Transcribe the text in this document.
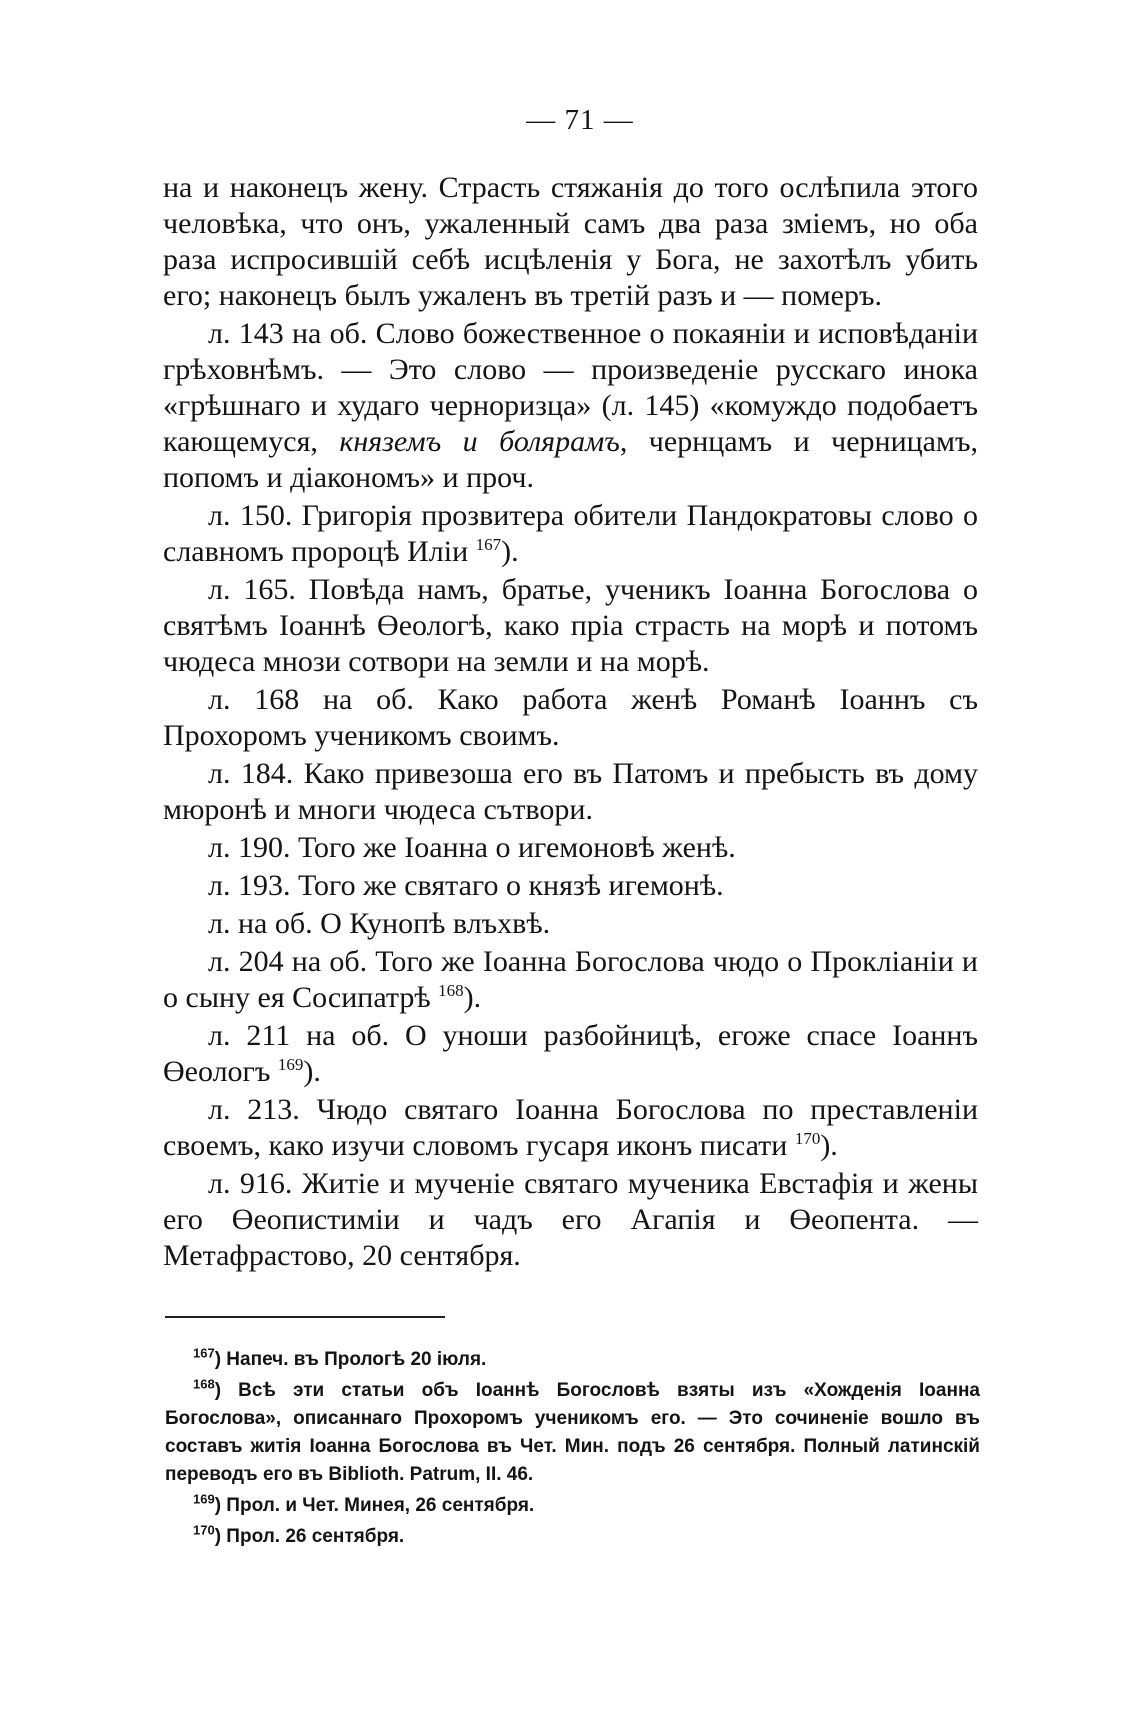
— 71 —

на и наконецъ жену. Страсть стяжанія до того ослѣпила этого человѣка, что онъ, ужаленный самъ два раза зміемъ, но оба раза испросившій себѣ исцѣленія у Бога, не захотѣлъ убить его; наконецъ былъ ужаленъ въ третій разъ и — померъ.

л. 143 на об. Слово божественное о покаяніи и исповѣданіи грѣховнѣмъ. — Это слово — произведеніе русскаго инока «грѣшнаго и худаго черноризца» (л. 145) «комуждо подобаетъ кающемуся, княземъ и болярамъ, чернцамъ и черницамъ, попомъ и діакономъ» и проч.

л. 150. Григорія прозвитера обители Пандократовы слово о славномъ пророцѣ Иліи $^{167}$).

л. 165. Повѣда намъ, братье, ученикъ Іоанна Богослова о святѣмъ Іоаннѣ Өеологѣ, како пріа страсть на морѣ и потомъ чюдеса мнози сотвори на земли и на морѣ.

л. 168 на об. Како работа женѣ Романѣ Іоаннъ съ Прохоромъ ученикомъ своимъ.

л. 184. Како привезоша его въ Патомъ и пребысть въ дому мюронѣ и многи чюдеса сътвори.

л. 190. Того же Іоанна о игемоновѣ женѣ.

л. 193. Того же святаго о князѣ игемонѣ.

л. на об. О Кунопѣ влъхвѣ.

л. 204 на об. Того же Іоанна Богослова чюдо о Прокліаніи и о сыну ея Сосипатрѣ $^{168}$).

л. 211 на об. О уноши разбойницѣ, егоже спасе Іоаннъ Өеологъ $^{169}$).

л. 213. Чюдо святаго Іоанна Богослова по преставленіи своемъ, како изучи словомъ гусаря иконъ писати $^{170}$).

л. 916. Житіе и мученіе святаго мученика Евстафія и жены его Өеопистиміи и чадъ его Агапія и Өеопента. — Метафрастово, 20 сентября.

$^{167}$) Напеч. въ Прологѣ 20 іюля.

$^{168}$) Всѣ эти статьи объ Іоаннѣ Богословѣ взяты изъ «Хожденія Іоанна Богослова», описаннаго Прохоромъ ученикомъ его. — Это сочиненіе вошло въ составъ житія Іоанна Богослова въ Чет. Мин. подъ 26 сентября. Полный латинскій переводъ его въ Biblioth. Patrum, II. 46.

$^{169}$) Прол. и Чет. Минея, 26 сентября.

$^{170}$) Прол. 26 сентября.
